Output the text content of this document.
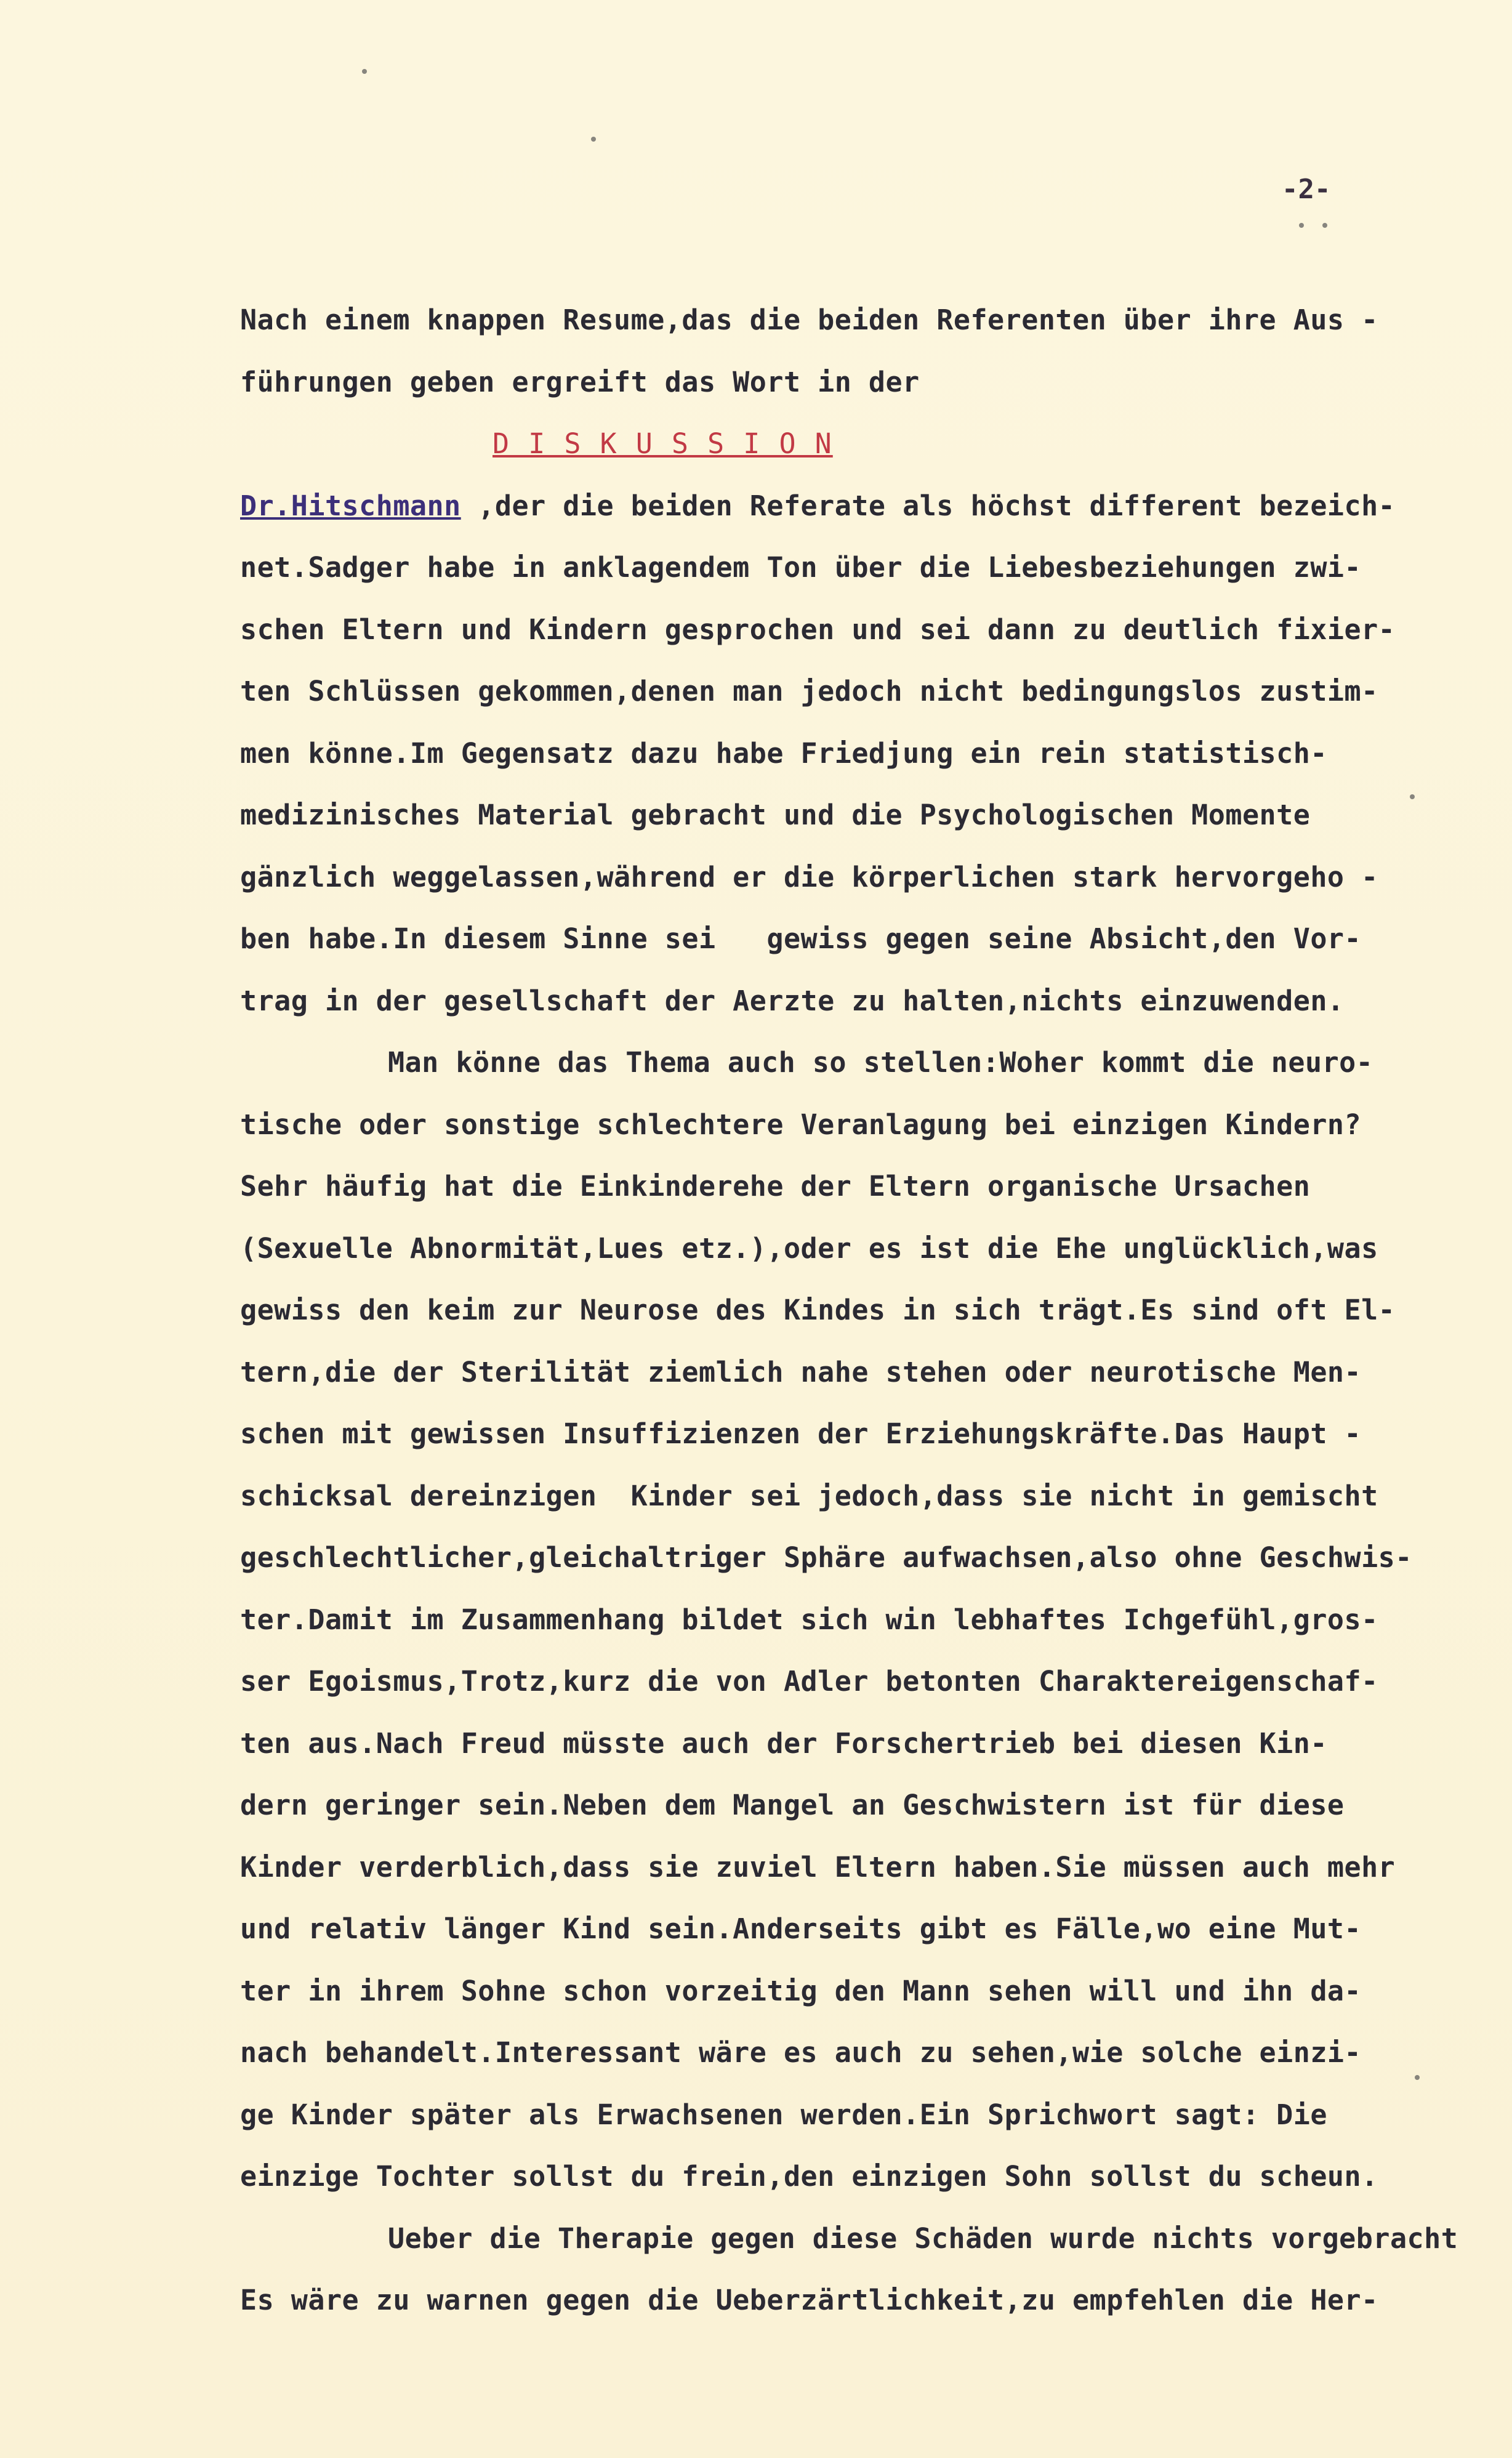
-2-
Nach einem knappen Resume,das die beiden Referenten über ihre Aus -
führungen geben ergreift das Wort in der
D I S K U S S I O N
Dr.Hitschmann ,der die beiden Referate als höchst different bezeich-
net.Sadger habe in anklagendem Ton über die Liebesbeziehungen zwi-
schen Eltern und Kindern gesprochen und sei dann zu deutlich fixier-
ten Schlüssen gekommen,denen man jedoch nicht bedingungslos zustim-
men könne.Im Gegensatz dazu habe Friedjung ein rein statistisch-
medizinisches Material gebracht und die Psychologischen Momente
gänzlich weggelassen,während er die körperlichen stark hervorgeho -
ben habe.In diesem Sinne sei   gewiss gegen seine Absicht,den Vor-
trag in der gesellschaft der Aerzte zu halten,nichts einzuwenden.
Man könne das Thema auch so stellen:Woher kommt die neuro-
tische oder sonstige schlechtere Veranlagung bei einzigen Kindern?
Sehr häufig hat die Einkinderehe der Eltern organische Ursachen
(Sexuelle Abnormität,Lues etz.),oder es ist die Ehe unglücklich,was
gewiss den keim zur Neurose des Kindes in sich trägt.Es sind oft El-
tern,die der Sterilität ziemlich nahe stehen oder neurotische Men-
schen mit gewissen Insuffizienzen der Erziehungskräfte.Das Haupt -
schicksal dereinzigen  Kinder sei jedoch,dass sie nicht in gemischt
geschlechtlicher,gleichaltriger Sphäre aufwachsen,also ohne Geschwis-
ter.Damit im Zusammenhang bildet sich win lebhaftes Ichgefühl,gros-
ser Egoismus,Trotz,kurz die von Adler betonten Charaktereigenschaf-
ten aus.Nach Freud müsste auch der Forschertrieb bei diesen Kin-
dern geringer sein.Neben dem Mangel an Geschwistern ist für diese
Kinder verderblich,dass sie zuviel Eltern haben.Sie müssen auch mehr
und relativ länger Kind sein.Anderseits gibt es Fälle,wo eine Mut-
ter in ihrem Sohne schon vorzeitig den Mann sehen will und ihn da-
nach behandelt.Interessant wäre es auch zu sehen,wie solche einzi-
ge Kinder später als Erwachsenen werden.Ein Sprichwort sagt: Die
einzige Tochter sollst du frein,den einzigen Sohn sollst du scheun.
Ueber die Therapie gegen diese Schäden wurde nichts vorgebracht
Es wäre zu warnen gegen die Ueberzärtlichkeit,zu empfehlen die Her-
